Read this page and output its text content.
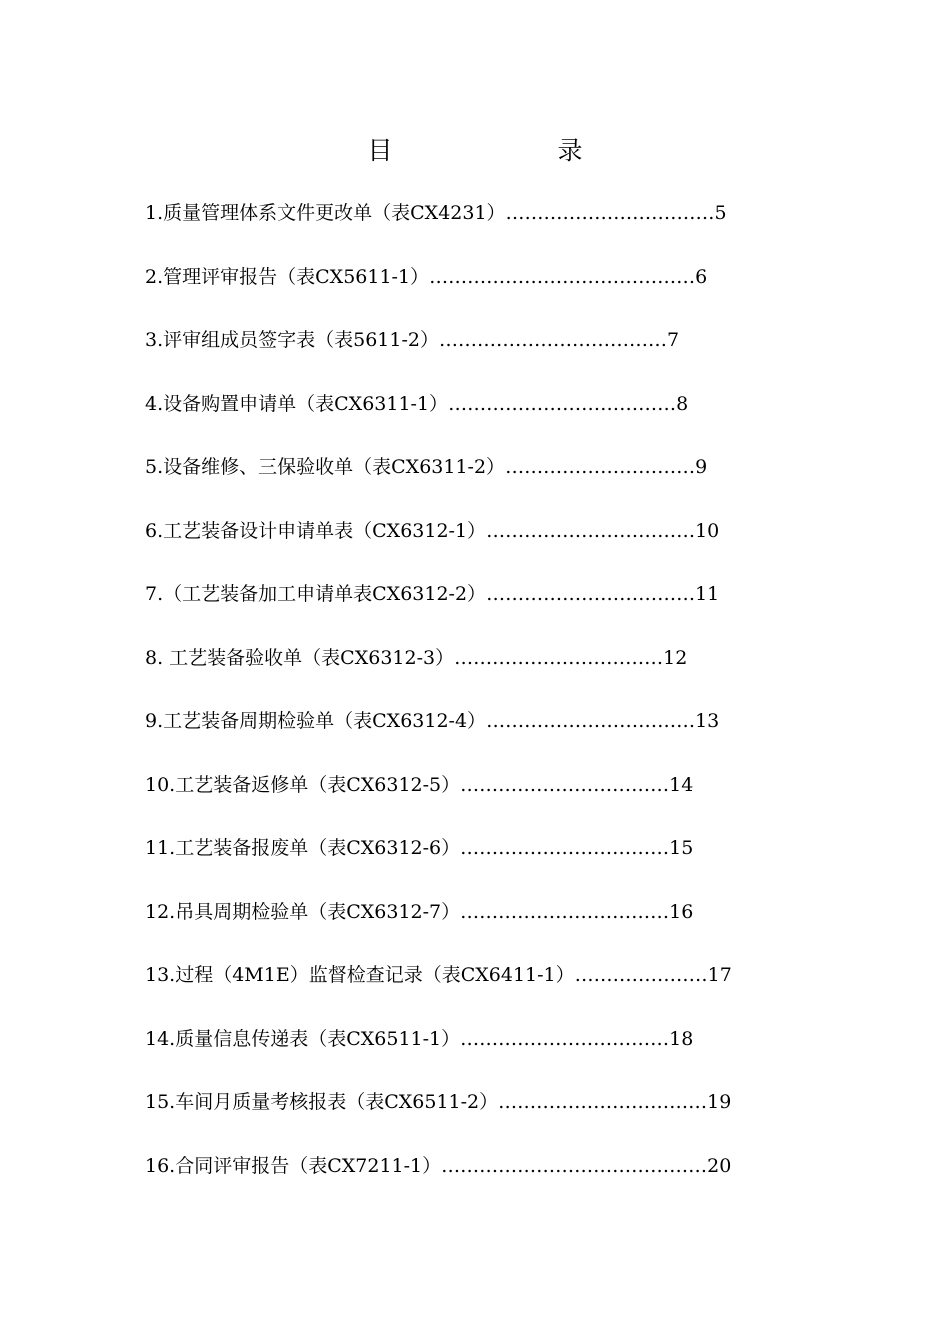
目　录
1.质量管理体系文件更改单（表CX4231）……………………………5
2.管理评审报告（表CX5611-1）……………………………………6
3.评审组成员签字表（表5611-2）………………………………7
4.设备购置申请单（表CX6311-1）………………………………8
5.设备维修、三保验收单（表CX6311-2）…………………………9
6.工艺装备设计申请单表（CX6312-1）……………………………10
7.（工艺装备加工申请单表CX6312-2）……………………………11
8. 工艺装备验收单（表CX6312-3）……………………………12
9.工艺装备周期检验单（表CX6312-4）……………………………13
10.工艺装备返修单（表CX6312-5）……………………………14
11.工艺装备报废单（表CX6312-6）……………………………15
12.吊具周期检验单（表CX6312-7）……………………………16
13.过程（4M1E）监督检查记录（表CX6411-1）…………………17
14.质量信息传递表（表CX6511-1）……………………………18
15.车间月质量考核报表（表CX6511-2）……………………………19
16.合同评审报告（表CX7211-1）……………………………………20
